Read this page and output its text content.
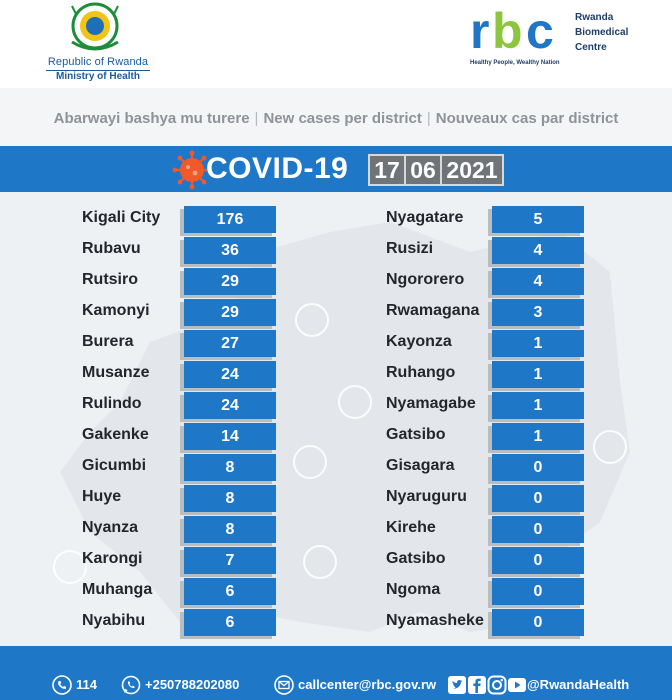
Republic of Rwanda
Ministry of Health
r b c Rwanda
Biomedical
Centre
Healthy People, Wealthy Nation
Abarwayi bashya mu turere | New cases per district | Nouveaux cas par district
COVID-19 17 06 2021
Kigali City	176
Rubavu	36
Rutsiro	29
Kamonyi	29
Burera	27
Musanze	24
Rulindo	24
Gakenke	14
Gicumbi	8
Huye	8
Nyanza	8
Karongi	7
Muhanga	6
Nyabihu	6
Nyagatare	5
Rusizi	4
Ngororero	4
Rwamagana	3
Kayonza	1
Ruhango	1
Nyamagabe	1
Gatsibo	1
Gisagara	0
Nyaruguru	0
Kirehe	0
Gatsibo	0
Ngoma	0
Nyamasheke	0
114	+250788202080	callcenter@rbc.gov.rw	@RwandaHealth
